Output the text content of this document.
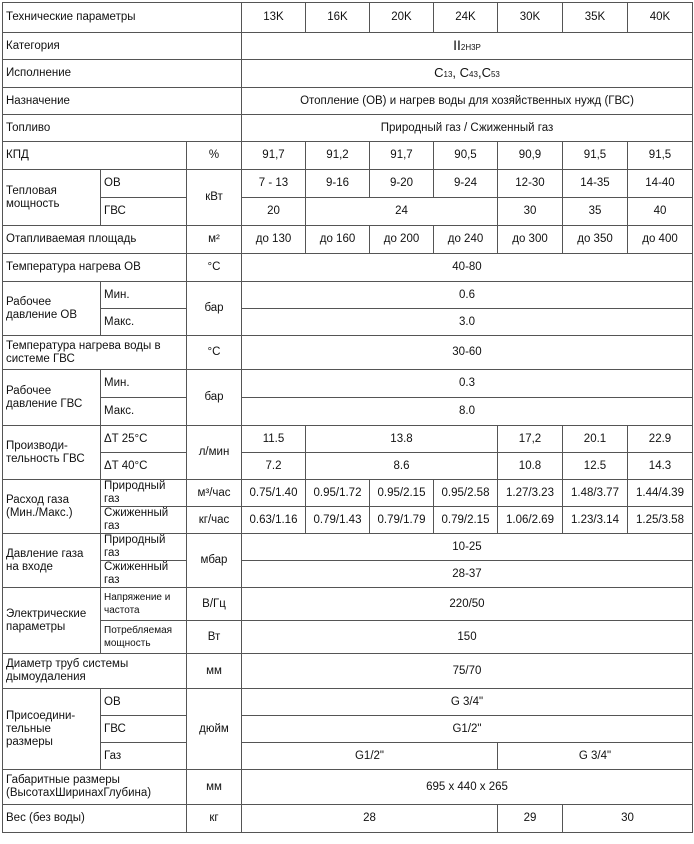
Технические параметры			13K	16K	20K	24K	30K	35K	40K
Категория			II2H3P						
Исполнение			C13, C43,C53						
Назначение			Отопление (ОВ) и нагрев воды для хозяйственных нужд (ГВС)						
Топливо			Природный газ / Сжиженный газ						
КПД		%	91,7	91,2	91,7	90,5	90,9	91,5	91,5
Тепловая мощность	ОВ	кВт	7 - 13	9-16	9-20	9-24	12-30	14-35	14-40
	ГВС		20	24			30	35	40
Отапливаемая площадь		м²	до 130	до 160	до 200	до 240	до 300	до 350	до 400
Температура нагрева ОВ		°С	40-80						
Рабочее давление ОВ	Мин.	бар	0.6						
	Макс.		3.0						
Температура нагрева воды в системе ГВС		°С	30-60						
Рабочее давление ГВС	Мин.	бар	0.3						
	Макс.		8.0						
Производи-тельность ГВС	ΔT 25°С	л/мин	11.5	13.8			17,2	20.1	22.9
	ΔT 40°С		7.2	8.6			10.8	12.5	14.3
Расход газа (Мин./Макс.)	Природный газ	м³/час	0.75/1.40	0.95/1.72	0.95/2.15	0.95/2.58	1.27/3.23	1.48/3.77	1.44/4.39
	Сжиженный газ	кг/час	0.63/1.16	0.79/1.43	0.79/1.79	0.79/2.15	1.06/2.69	1.23/3.14	1.25/3.58
Давление газа на входе	Природный газ	мбар	10-25						
	Сжиженный газ		28-37						
Электрические параметры	Напряжение и частота	В/Гц	220/50						
	Потребляемая мощность	Вт	150						
Диаметр труб системы дымоудаления		мм	75/70						
Присоедини-тельные размеры	ОВ	дюйм	G 3/4"						
	ГВС		G1/2"						
	Газ		G1/2"				G 3/4"		
Габаритные размеры (ВысотахШиринахГлубина)		мм	695 x 440 x 265						
Вес (без воды)		кг	28				29	30	
